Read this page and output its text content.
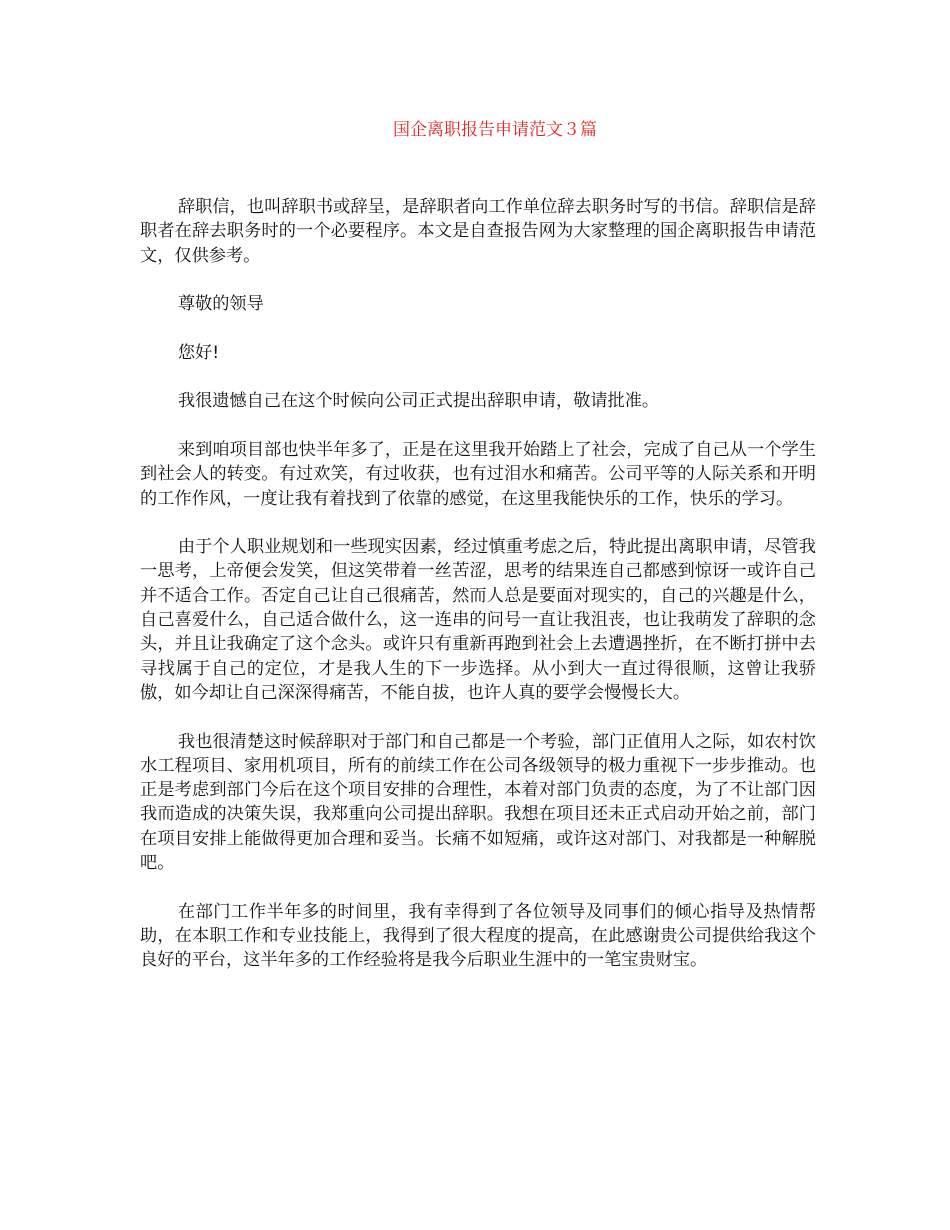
国企离职报告申请范文３篇

辞职信，也叫辞职书或辞呈，是辞职者向工作单位辞去职务时写的书信。辞职信是辞职者在辞去职务时的一个必要程序。本文是自查报告网为大家整理的国企离职报告申请范文，仅供参考。

尊敬的领导

您好!

我很遗憾自己在这个时候向公司正式提出辞职申请，敬请批准。

来到咱项目部也快半年多了，正是在这里我开始踏上了社会，完成了自己从一个学生到社会人的转变。有过欢笑，有过收获，也有过泪水和痛苦。公司平等的人际关系和开明的工作作风，一度让我有着找到了依靠的感觉，在这里我能快乐的工作，快乐的学习。

由于个人职业规划和一些现实因素，经过慎重考虑之后，特此提出离职申请，尽管我一思考，上帝便会发笑，但这笑带着一丝苦涩，思考的结果连自己都感到惊讶一或许自己并不适合工作。否定自己让自己很痛苦，然而人总是要面对现实的，自己的兴趣是什么，自己喜爱什么，自己适合做什么，这一连串的问号一直让我沮丧，也让我萌发了辞职的念头，并且让我确定了这个念头。或许只有重新再跑到社会上去遭遇挫折，在不断打拼中去寻找属于自己的定位，才是我人生的下一步选择。从小到大一直过得很顺，这曾让我骄傲，如今却让自己深深得痛苦，不能自拔，也许人真的要学会慢慢长大。

我也很清楚这时候辞职对于部门和自己都是一个考验，部门正值用人之际，如农村饮水工程项目、家用机项目，所有的前续工作在公司各级领导的极力重视下一步步推动。也正是考虑到部门今后在这个项目安排的合理性，本着对部门负责的态度，为了不让部门因我而造成的决策失误，我郑重向公司提出辞职。我想在项目还未正式启动开始之前，部门在项目安排上能做得更加合理和妥当。长痛不如短痛，或许这对部门、对我都是一种解脱吧。

在部门工作半年多的时间里，我有幸得到了各位领导及同事们的倾心指导及热情帮助，在本职工作和专业技能上，我得到了很大程度的提高，在此感谢贵公司提供给我这个良好的平台，这半年多的工作经验将是我今后职业生涯中的一笔宝贵财宝。
